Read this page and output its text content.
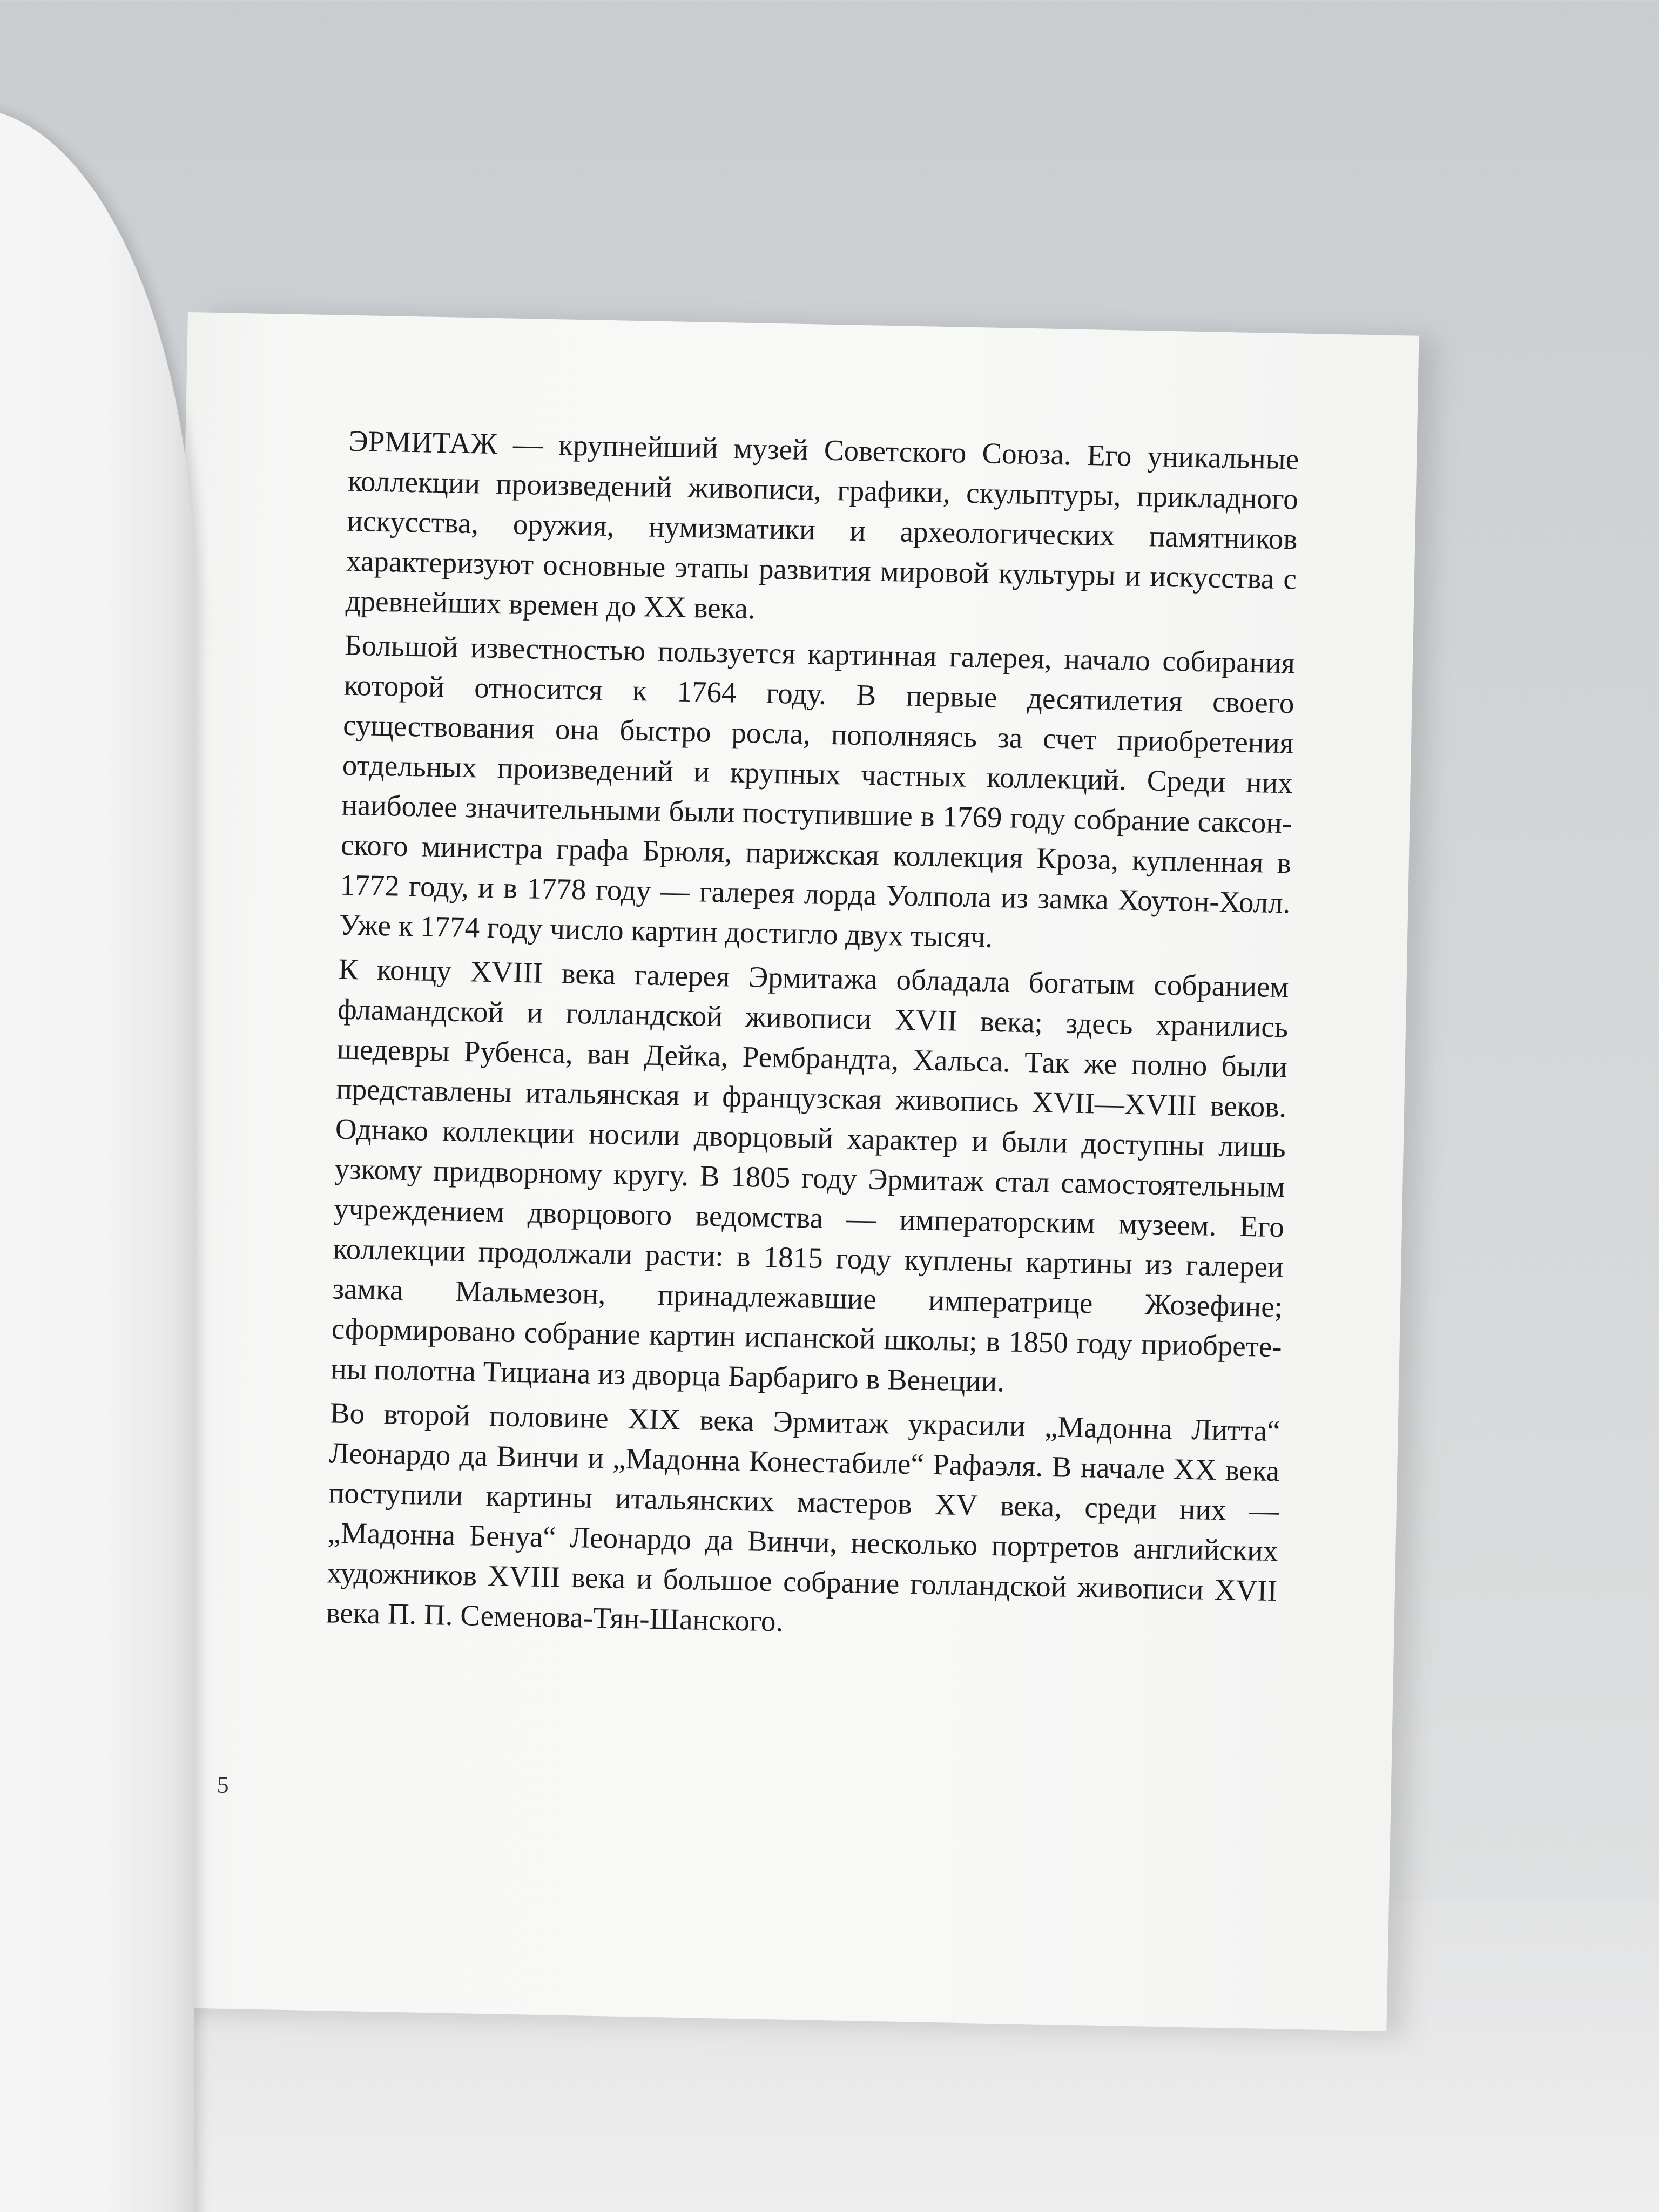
ЭРМИТАЖ — крупнейший музей Советского Союза. Его уникальные коллекции произведений живописи, графики, скульптуры, прикладного искусства, оружия, нумизматики и археологических памятников характеризуют основные этапы развития мировой культуры и искусства с древнейших времен до XX века.

Большой известностью пользуется картинная галерея, начало собирания которой относится к 1764 году. В первые десятилетия своего существования она быстро росла, пополняясь за счет приобретения отдельных произведений и крупных частных коллекций. Среди них наиболее значительными были поступившие в 1769 году собрание саксонского министра графа Брюля, парижская коллекция Кроза, купленная в 1772 году, и в 1778 году — галерея лорда Уолпола из замка Хоутон-Холл. Уже к 1774 году число картин достигло двух тысяч.

К концу XVIII века галерея Эрмитажа обладала богатым собранием фламандской и голландской живописи XVII века; здесь хранились шедевры Рубенса, ван Дейка, Рембрандта, Хальса. Так же полно были представлены итальянская и французская живопись XVII—XVIII веков. Однако коллекции носили дворцовый характер и были доступны лишь узкому придворному кругу. В 1805 году Эрмитаж стал самостоятельным учреждением дворцового ведомства — императорским музеем. Его коллекции продолжали расти: в 1815 году куплены картины из галереи замка Мальмезон, принадлежавшие императрице Жозефине; сформировано собрание картин испанской школы; в 1850 году приобретены полотна Тициана из дворца Барбариго в Венеции.

Во второй половине XIX века Эрмитаж украсили „Мадонна Литта“ Леонардо да Винчи и „Мадонна Конестабиле“ Рафаэля. В начале XX века поступили картины итальянских мастеров XV века, среди них — „Мадонна Бенуа“ Леонардо да Винчи, несколько портретов английских художников XVIII века и большое собрание голландской живописи XVII века П. П. Семенова-Тян-Шанского.

5
